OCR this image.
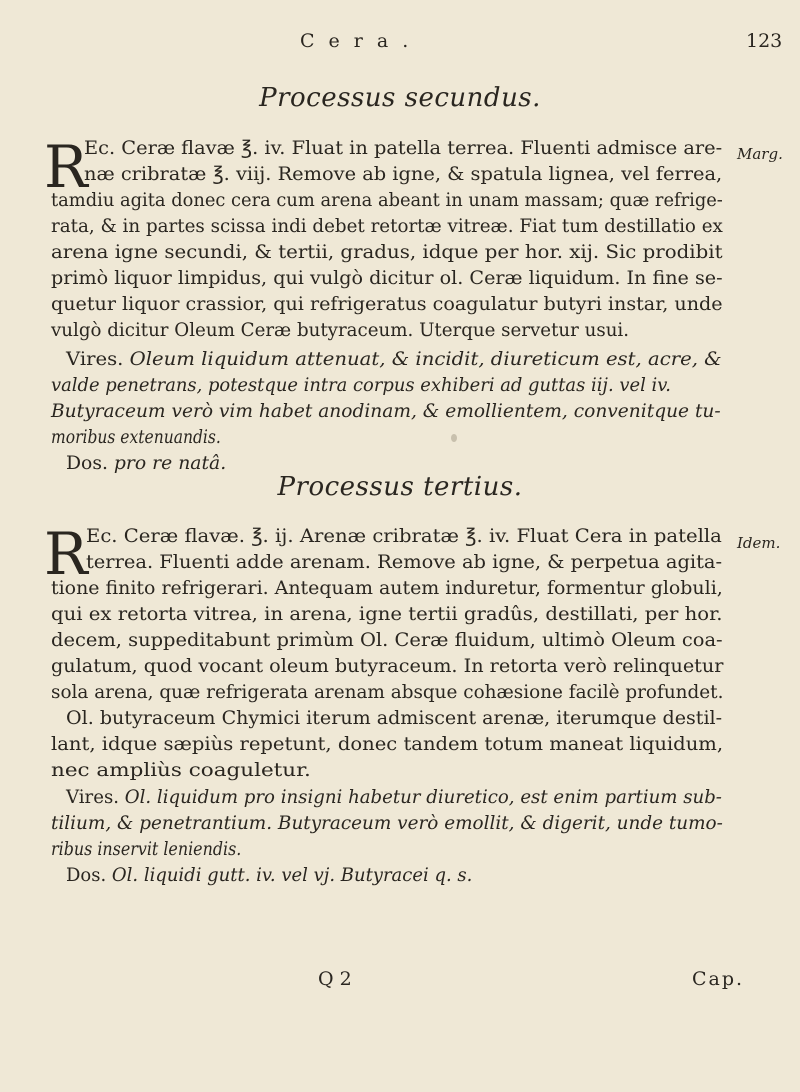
Cera.	123
Processus secundus.
R	Marg.
Ec. Ceræ flavæ ℥. iv. Fluat in patella terrea. Fluenti admisce are-
næ cribratæ ℥. viij. Remove ab igne, & spatula lignea, vel ferrea,
tamdiu agita donec cera cum arena abeant in unam massam; quæ refrige-
rata, & in partes scissa indi debet retortæ vitreæ. Fiat tum destillatio ex
arena igne secundi, & tertii, gradus, idque per hor. xij. Sic prodibit
primò liquor limpidus, qui vulgò dicitur ol. Ceræ liquidum. In fine se-
quetur liquor crassior, qui refrigeratus coagulatur butyri instar, unde
vulgò dicitur Oleum Ceræ butyraceum. Uterque servetur usui.
Vires. Oleum liquidum attenuat, & incidit, diureticum est, acre, &
valde penetrans, potestque intra corpus exhiberi ad guttas iij. vel iv.
Butyraceum verò vim habet anodinam, & emollientem, convenitque tu-
moribus extenuandis.
Dos. pro re natâ.
Processus tertius.
R	Idem.
Ec. Ceræ flavæ. ℥. ij. Arenæ cribratæ ℥. iv. Fluat Cera in patella
terrea. Fluenti adde arenam. Remove ab igne, & perpetua agita-
tione finito refrigerari. Antequam autem induretur, formentur globuli,
qui ex retorta vitrea, in arena, igne tertii gradûs, destillati, per hor.
decem, suppeditabunt primùm Ol. Ceræ fluidum, ultimò Oleum coa-
gulatum, quod vocant oleum butyraceum. In retorta verò relinquetur
sola arena, quæ refrigerata arenam absque cohæsione facilè profundet.
Ol. butyraceum Chymici iterum admiscent arenæ, iterumque destil-
lant, idque sæpiùs repetunt, donec tandem totum maneat liquidum,
nec ampliùs coaguletur.
Vires. Ol. liquidum pro insigni habetur diuretico, est enim partium sub-
tilium, & penetrantium. Butyraceum verò emollit, & digerit, unde tumo-
ribus inservit leniendis.
Dos. Ol. liquidi gutt. iv. vel vj. Butyracei q. s.
Q 2	Cap.
